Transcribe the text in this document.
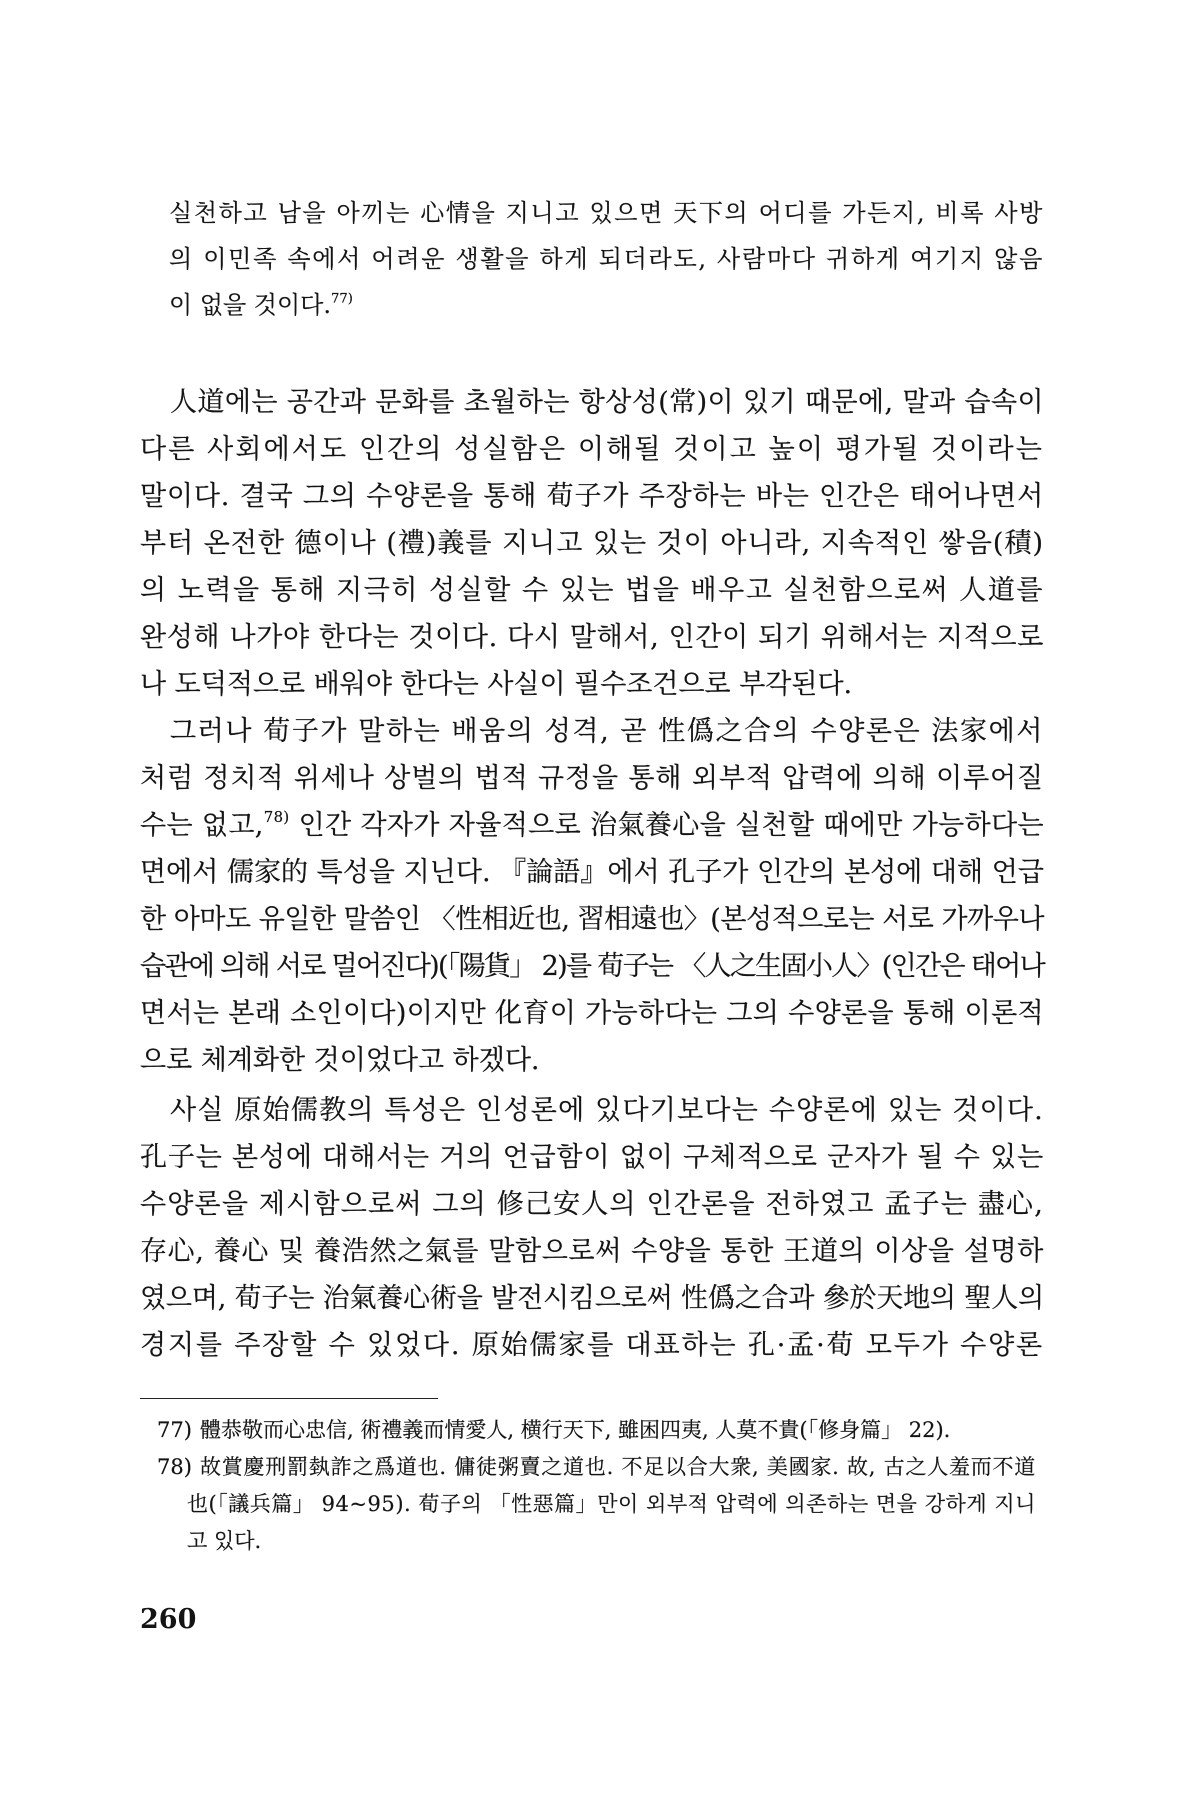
실천하고 남을 아끼는 心情을 지니고 있으면 天下의 어디를 가든지, 비록 사방
의 이민족 속에서 어려운 생활을 하게 되더라도, 사람마다 귀하게 여기지 않음
이 없을 것이다.$^{77)}$
人道에는 공간과 문화를 초월하는 항상성(常)이 있기 때문에, 말과 습속이
다른 사회에서도 인간의 성실함은 이해될 것이고 높이 평가될 것이라는
말이다. 결국 그의 수양론을 통해 荀子가 주장하는 바는 인간은 태어나면서
부터 온전한 德이나 (禮)義를 지니고 있는 것이 아니라, 지속적인 쌓음(積)
의 노력을 통해 지극히 성실할 수 있는 법을 배우고 실천함으로써 人道를
완성해 나가야 한다는 것이다. 다시 말해서, 인간이 되기 위해서는 지적으로
나 도덕적으로 배워야 한다는 사실이 필수조건으로 부각된다.
그러나 荀子가 말하는 배움의 성격, 곧 性僞之合의 수양론은 法家에서
처럼 정치적 위세나 상벌의 법적 규정을 통해 외부적 압력에 의해 이루어질
수는 없고,$^{78)}$ 인간 각자가 자율적으로 治氣養心을 실천할 때에만 가능하다는
면에서 儒家的 특성을 지닌다. 『論語』에서 孔子가 인간의 본성에 대해 언급
한 아마도 유일한 말씀인 〈性相近也, 習相遠也〉(본성적으로는 서로 가까우나
습관에 의해 서로 멀어진다)(「陽貨」 2)를 荀子는 〈人之生固小人〉(인간은 태어나
면서는 본래 소인이다)이지만 化育이 가능하다는 그의 수양론을 통해 이론적
으로 체계화한 것이었다고 하겠다.
사실 原始儒教의 특성은 인성론에 있다기보다는 수양론에 있는 것이다.
孔子는 본성에 대해서는 거의 언급함이 없이 구체적으로 군자가 될 수 있는
수양론을 제시함으로써 그의 修己安人의 인간론을 전하였고 孟子는 盡心,
存心, 養心 및 養浩然之氣를 말함으로써 수양을 통한 王道의 이상을 설명하
였으며, 荀子는 治氣養心術을 발전시킴으로써 性僞之合과 參於天地의 聖人의
경지를 주장할 수 있었다. 原始儒家를 대표하는 孔·孟·荀 모두가 수양론
77) 體恭敬而心忠信, 術禮義而情愛人, 横行天下, 雖困四夷, 人莫不貴(「修身篇」 22).
78) 故賞慶刑罰埶詐之爲道也. 傭徒粥賣之道也. 不足以合大衆, 美國家. 故, 古之人羞而不道
也(「議兵篇」 94~95). 荀子의 「性惡篇」만이 외부적 압력에 의존하는 면을 강하게 지니
고 있다.
260
